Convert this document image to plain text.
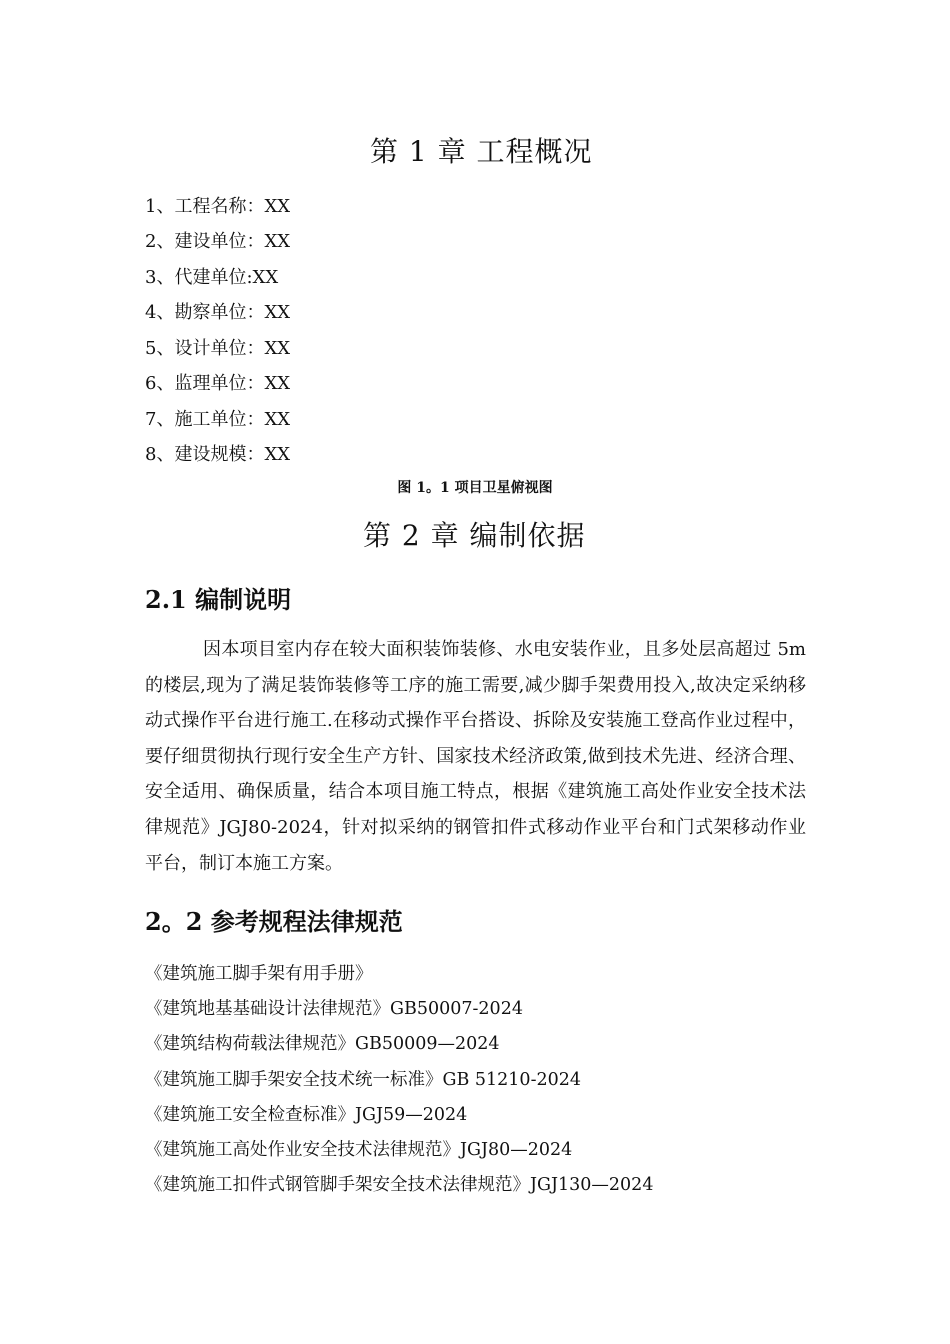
第 1 章 工程概况
1、工程名称：XX
2、建设单位：XX
3、代建单位:XX
4、勘察单位：XX
5、设计单位：XX
6、监理单位：XX
7、施工单位：XX
8、建设规模：XX
图 1。1 项目卫星俯视图
第 2 章 编制依据
2.1 编制说明

因本项目室内存在较大面积装饰装修、水电安装作业，且多处层高超过 5m 的楼层,现为了满足装饰装修等工序的施工需要,减少脚手架费用投入,故决定采纳移动式操作平台进行施工.在移动式操作平台搭设、拆除及安装施工登高作业过程中，要仔细贯彻执行现行安全生产方针、国家技术经济政策,做到技术先进、经济合理、安全适用、确保质量，结合本项目施工特点，根据《建筑施工高处作业安全技术法律规范》JGJ80-2024，针对拟采纳的钢管扣件式移动作业平台和门式架移动作业平台，制订本施工方案。

2。2 参考规程法律规范
《建筑施工脚手架有用手册》
《建筑地基基础设计法律规范》GB50007-2024
《建筑结构荷载法律规范》GB50009—2024
《建筑施工脚手架安全技术统一标准》GB 51210-2024
《建筑施工安全检查标准》JGJ59—2024
《建筑施工高处作业安全技术法律规范》JGJ80—2024
《建筑施工扣件式钢管脚手架安全技术法律规范》JGJ130—2024
